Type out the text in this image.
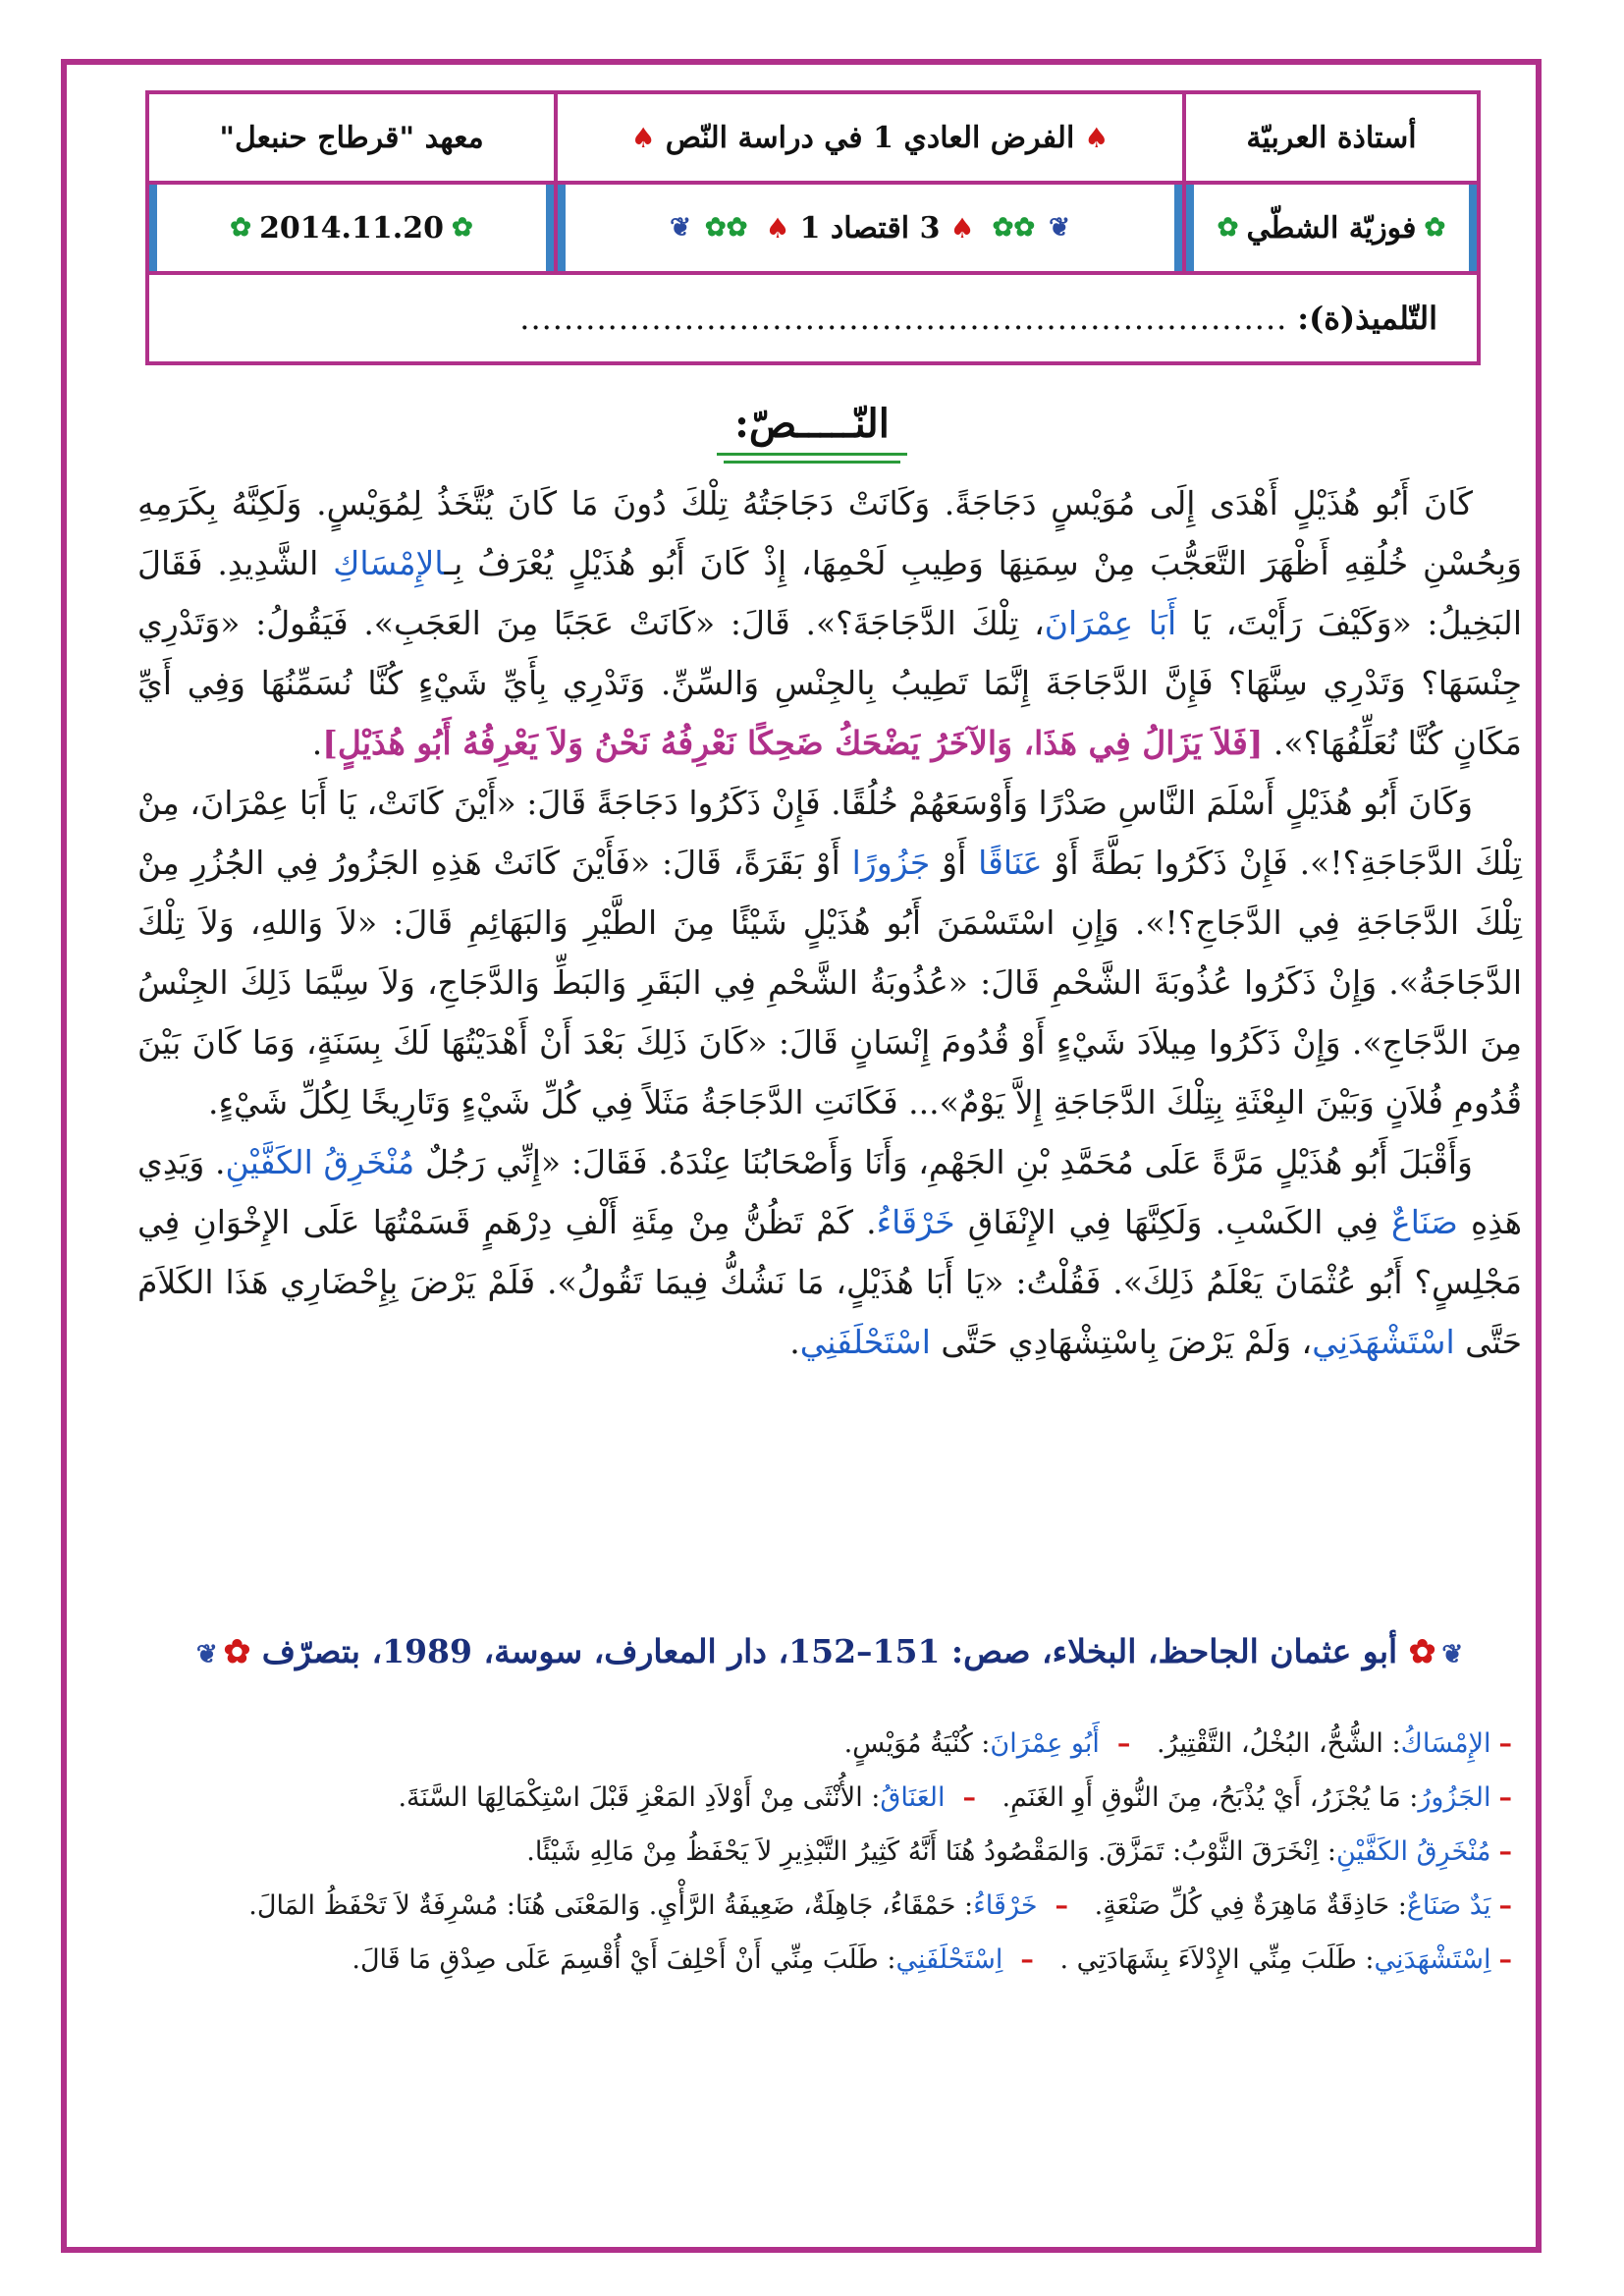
أستاذة العربيّة
♠
الفرض العادي 1 في دراسة النّص
♠
معهد "قرطاج حنبعل"
✿
فوزيّة الشطّي
✿
❦
✿✿
♠
3 اقتصاد 1
♠
✿✿
❦
✿
2014.11.20
✿
التّلميذ(ة):
......................................................................
النّـــــصّ:

كَانَ أَبُو هُذَيْلٍ أَهْدَى إِلَى مُوَيْسٍ دَجَاجَةً. وَكَانَتْ دَجَاجَتُهُ تِلْكَ دُونَ مَا كَانَ يُتَّخَذُ لِمُوَيْسٍ. وَلَكِنَّهُ بِكَرَمِهِ وَبِحُسْنِ خُلُقِهِ أَظْهَرَ التَّعَجُّبَ مِنْ سِمَنِهَا وَطِيبِ لَحْمِهَا، إِذْ كَانَ أَبُو هُذَيْلٍ يُعْرَفُ بِـالإِمْسَاكِ الشَّدِيدِ. فَقَالَ البَخِيلُ: «وَكَيْفَ رَأَيْتَ، يَا أَبَا عِمْرَانَ، تِلْكَ الدَّجَاجَةَ؟». قَالَ: «كَانَتْ عَجَبًا مِنَ العَجَبِ». فَيَقُولُ: «وَتَدْرِي جِنْسَهَا؟ وَتَدْرِي سِنَّهَا؟ فَإِنَّ الدَّجَاجَةَ إِنَّمَا تَطِيبُ بِالجِنْسِ وَالسِّنِّ. وَتَدْرِي بِأَيِّ شَيْءٍ كُنَّا نُسَمِّنُهَا وَفِي أَيِّ مَكَانٍ كُنَّا نُعَلِّفُهَا؟». [فَلاَ يَزَالُ فِي هَذَا، وَالآخَرُ يَضْحَكُ ضَحِكًا نَعْرِفُهُ نَحْنُ وَلاَ يَعْرِفُهُ أَبُو هُذَيْلٍ].

وَكَانَ أَبُو هُذَيْلٍ أَسْلَمَ النَّاسِ صَدْرًا وَأَوْسَعَهُمْ خُلُقًا. فَإِنْ ذَكَرُوا دَجَاجَةً قَالَ: «أَيْنَ كَانَتْ، يَا أَبَا عِمْرَانَ، مِنْ تِلْكَ الدَّجَاجَةِ؟!». فَإِنْ ذَكَرُوا بَطَّةً أَوْ عَنَاقًا أَوْ جَزُورًا أَوْ بَقَرَةً، قَالَ: «فَأَيْنَ كَانَتْ هَذِهِ الجَزُورُ فِي الجُزُرِ مِنْ تِلْكَ الدَّجَاجَةِ فِي الدَّجَاجِ؟!». وَإِنِ اسْتَسْمَنَ أَبُو هُذَيْلٍ شَيْئًا مِنَ الطَّيْرِ وَالبَهَائِمِ قَالَ: «لاَ وَاللهِ، وَلاَ تِلْكَ الدَّجَاجَةُ». وَإِنْ ذَكَرُوا عُذُوبَةَ الشَّحْمِ قَالَ: «عُذُوبَةُ الشَّحْمِ فِي البَقَرِ وَالبَطِّ وَالدَّجَاجِ، وَلاَ سِيَّمَا ذَلِكَ الجِنْسُ مِنَ الدَّجَاجِ». وَإِنْ ذَكَرُوا مِيلاَدَ شَيْءٍ أَوْ قُدُومَ إِنْسَانٍ قَالَ: «كَانَ ذَلِكَ بَعْدَ أَنْ أَهْدَيْتُهَا لَكَ بِسَنَةٍ، وَمَا كَانَ بَيْنَ قُدُومِ فُلاَنٍ وَبَيْنَ البِعْثَةِ بِتِلْكَ الدَّجَاجَةِ إِلاَّ يَوْمٌ»... فَكَانَتِ الدَّجَاجَةُ مَثَلاً فِي كُلِّ شَيْءٍ وَتَارِيخًا لِكُلِّ شَيْءٍ.

وَأَقْبَلَ أَبُو هُذَيْلٍ مَرَّةً عَلَى مُحَمَّدِ بْنِ الجَهْمِ، وَأَنَا وَأَصْحَابُنَا عِنْدَهُ. فَقَالَ: «إِنِّي رَجُلٌ مُنْخَرِقُ الكَفَّيْنِ. وَيَدِي هَذِهِ صَنَاعٌ فِي الكَسْبِ. وَلَكِنَّهَا فِي الإِنْفَاقِ خَرْقَاءُ. كَمْ تَظُنُّ مِنْ مِئَةِ أَلْفِ دِرْهَمٍ قَسَمْتُهَا عَلَى الإِخْوَانِ فِي مَجْلِسٍ؟ أَبُو عُثْمَانَ يَعْلَمُ ذَلِكَ». فَقُلْتُ: «يَا أَبَا هُذَيْلٍ، مَا نَشُكُّ فِيمَا تَقُولُ». فَلَمْ يَرْضَ بِإِحْضَارِي هَذَا الكَلاَمَ حَتَّى اسْتَشْهَدَنِي، وَلَمْ يَرْضَ بِاسْتِشْهَادِي حَتَّى اسْتَحْلَفَنِي.

❦✿ أبو عثمان الجاحظ، البخلاء، صص: 151–152، دار المعارف، سوسة، 1989، بتصرّف ✿❦
–الإِمْسَاكُ: الشُّحُّ، البُخْلُ، التَّقْتِيرُ. –أَبُو عِمْرَانَ: كُنْيَةُ مُوَيْسٍ.
–الجَزُورُ: مَا يُجْزَرُ، أَيْ يُذْبَحُ، مِنَ النُّوقِ أَوِ الغَنَمِ. –العَنَاقُ: الأُنْثَى مِنْ أَوْلاَدِ المَعْزِ قَبْلَ اسْتِكْمَالِهَا السَّنَةَ.
–مُنْخَرِقُ الكَفَّيْنِ: اِنْخَرَقَ الثَّوْبُ: تَمَزَّقَ. وَالمَقْصُودُ هُنَا أَنَّهُ كَثِيرُ التَّبْذِيرِ لاَ يَحْفَظُ مِنْ مَالِهِ شَيْئًا.
–يَدٌ صَنَاعٌ: حَاذِقَةٌ مَاهِرَةٌ فِي كُلِّ صَنْعَةٍ. –خَرْقَاءُ: حَمْقَاءُ، جَاهِلَةٌ، ضَعِيفَةُ الرَّأْيِ. وَالمَعْنَى هُنَا: مُسْرِفَةٌ لاَ تَحْفَظُ المَالَ.
–اِسْتَشْهَدَنِي: طَلَبَ مِنِّي الإِدْلاَءَ بِشَهَادَتِي . –اِسْتَحْلَفَنِي: طَلَبَ مِنِّي أَنْ أَحْلِفَ أَيْ أُقْسِمَ عَلَى صِدْقِ مَا قَالَ.
